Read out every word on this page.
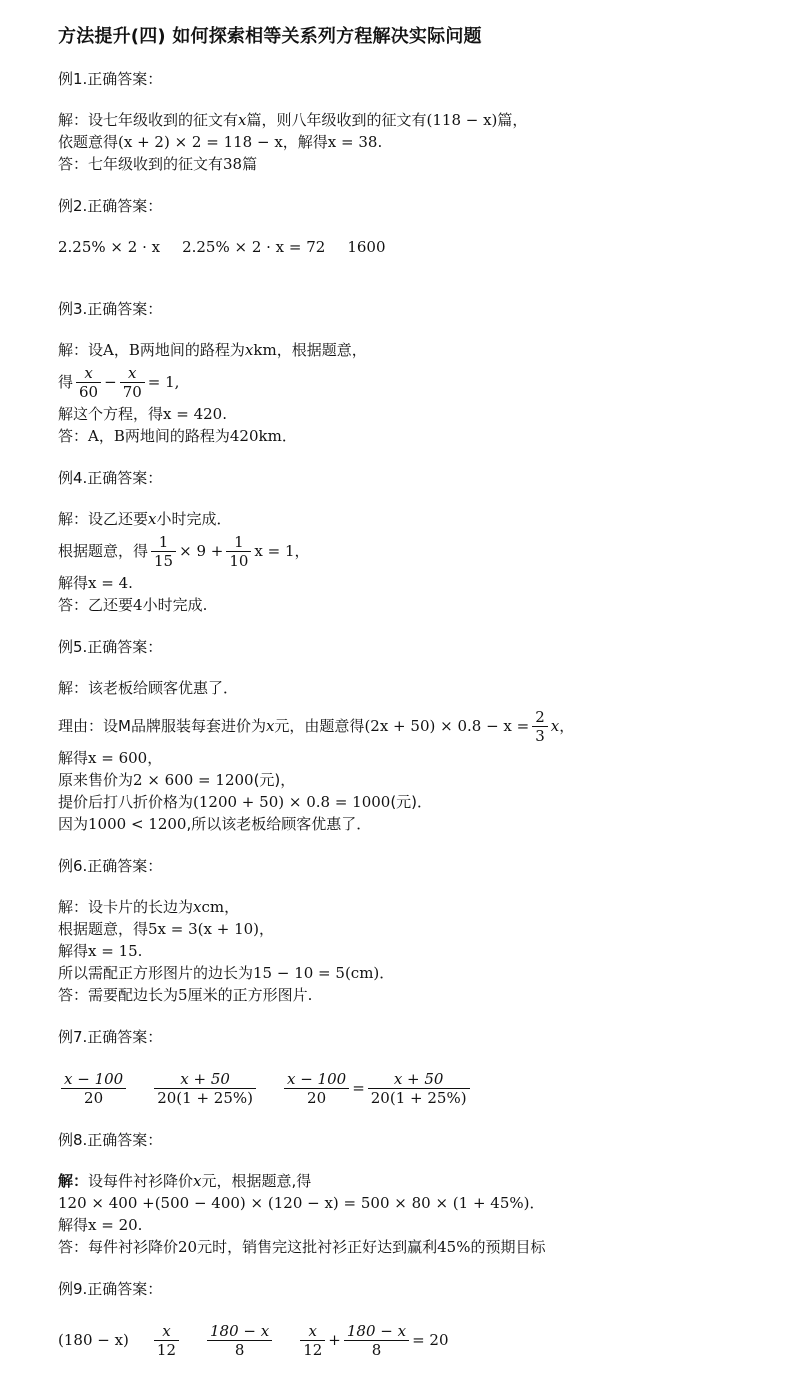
方法提升(四) 如何探索相等关系列方程解决实际问题
例1.正确答案：
解：设七年级收到的征文有x篇，则八年级收到的征文有(118 − x)篇，
依题意得(x + 2) × 2 = 118 − x，解得x = 38.
答：七年级收到的征文有38篇
例2.正确答案：
2.25% × 2 · x 2.25% × 2 · x = 72 1600
例3.正确答案：
解：设A，B两地间的路程为xkm，根据题意，
得 $\frac{x}{60} - \frac{x}{70} = 1$,
解这个方程，得x = 420.
答：A，B两地间的路程为420km．
例4.正确答案：
解：设乙还要x小时完成．
根据题意，得 $\frac{1}{15} \times 9 + \frac{1}{10}$ x = 1，
解得x = 4.
答：乙还要4小时完成.
例5.正确答案：
解：该老板给顾客优惠了．
理由：设M品牌服装每套进价为x元，由题意得$(2x + 50) \times 0.8 - x = \frac{2}{3}$ x，
解得x = 600，
原来售价为2 × 600 = 1200(元)，
提价后打八折价格为(1200 + 50) × 0.8 = 1000(元)．
因为1000 < 1200,所以该老板给顾客优惠了．
例6.正确答案：
解：设卡片的长边为xcm，
根据题意，得5x = 3(x + 10)，
解得x = 15.
所以需配正方形图片的边长为15 − 10 = 5(cm)．
答：需要配边长为5厘米的正方形图片.
例7.正确答案：
$\frac{x - 100}{20} \frac{x + 50}{20(1 + 25\%)} \frac{x - 100}{20} = \frac{x + 50}{20(1 + 25\%)}$
例8.正确答案：
解：设每件衬衫降价x元，根据题意,得
120 × 400 +(500 − 400) × (120 − x) = 500 × 80 × (1 + 45%)．
解得x = 20.
答：每件衬衫降价20元时，销售完这批衬衫正好达到赢利45%的预期目标
例9.正确答案：
$(180 - x) \frac{x}{12} \frac{180 - x}{8} \frac{x}{12} + \frac{180 - x}{8} = 20$
